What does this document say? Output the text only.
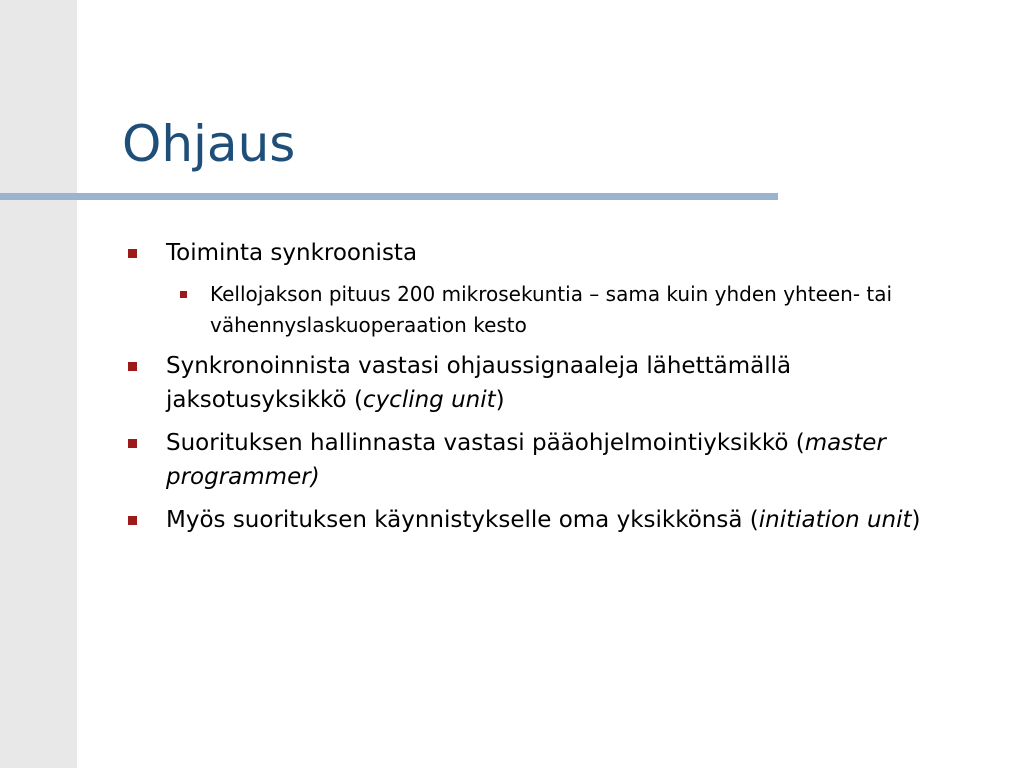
Ohjaus
Toiminta synkroonista
Kellojakson pituus 200 mikrosekuntia – sama kuin yhden yhteen- tai vähennyslaskuoperaation kesto
Synkronoinnista vastasi ohjaussignaaleja lähettämällä jaksotusyksikkö (cycling unit)
Suorituksen hallinnasta vastasi pääohjelmointiyksikkö (master programmer)
Myös suorituksen käynnistykselle oma yksikkönsä (initiation unit)
